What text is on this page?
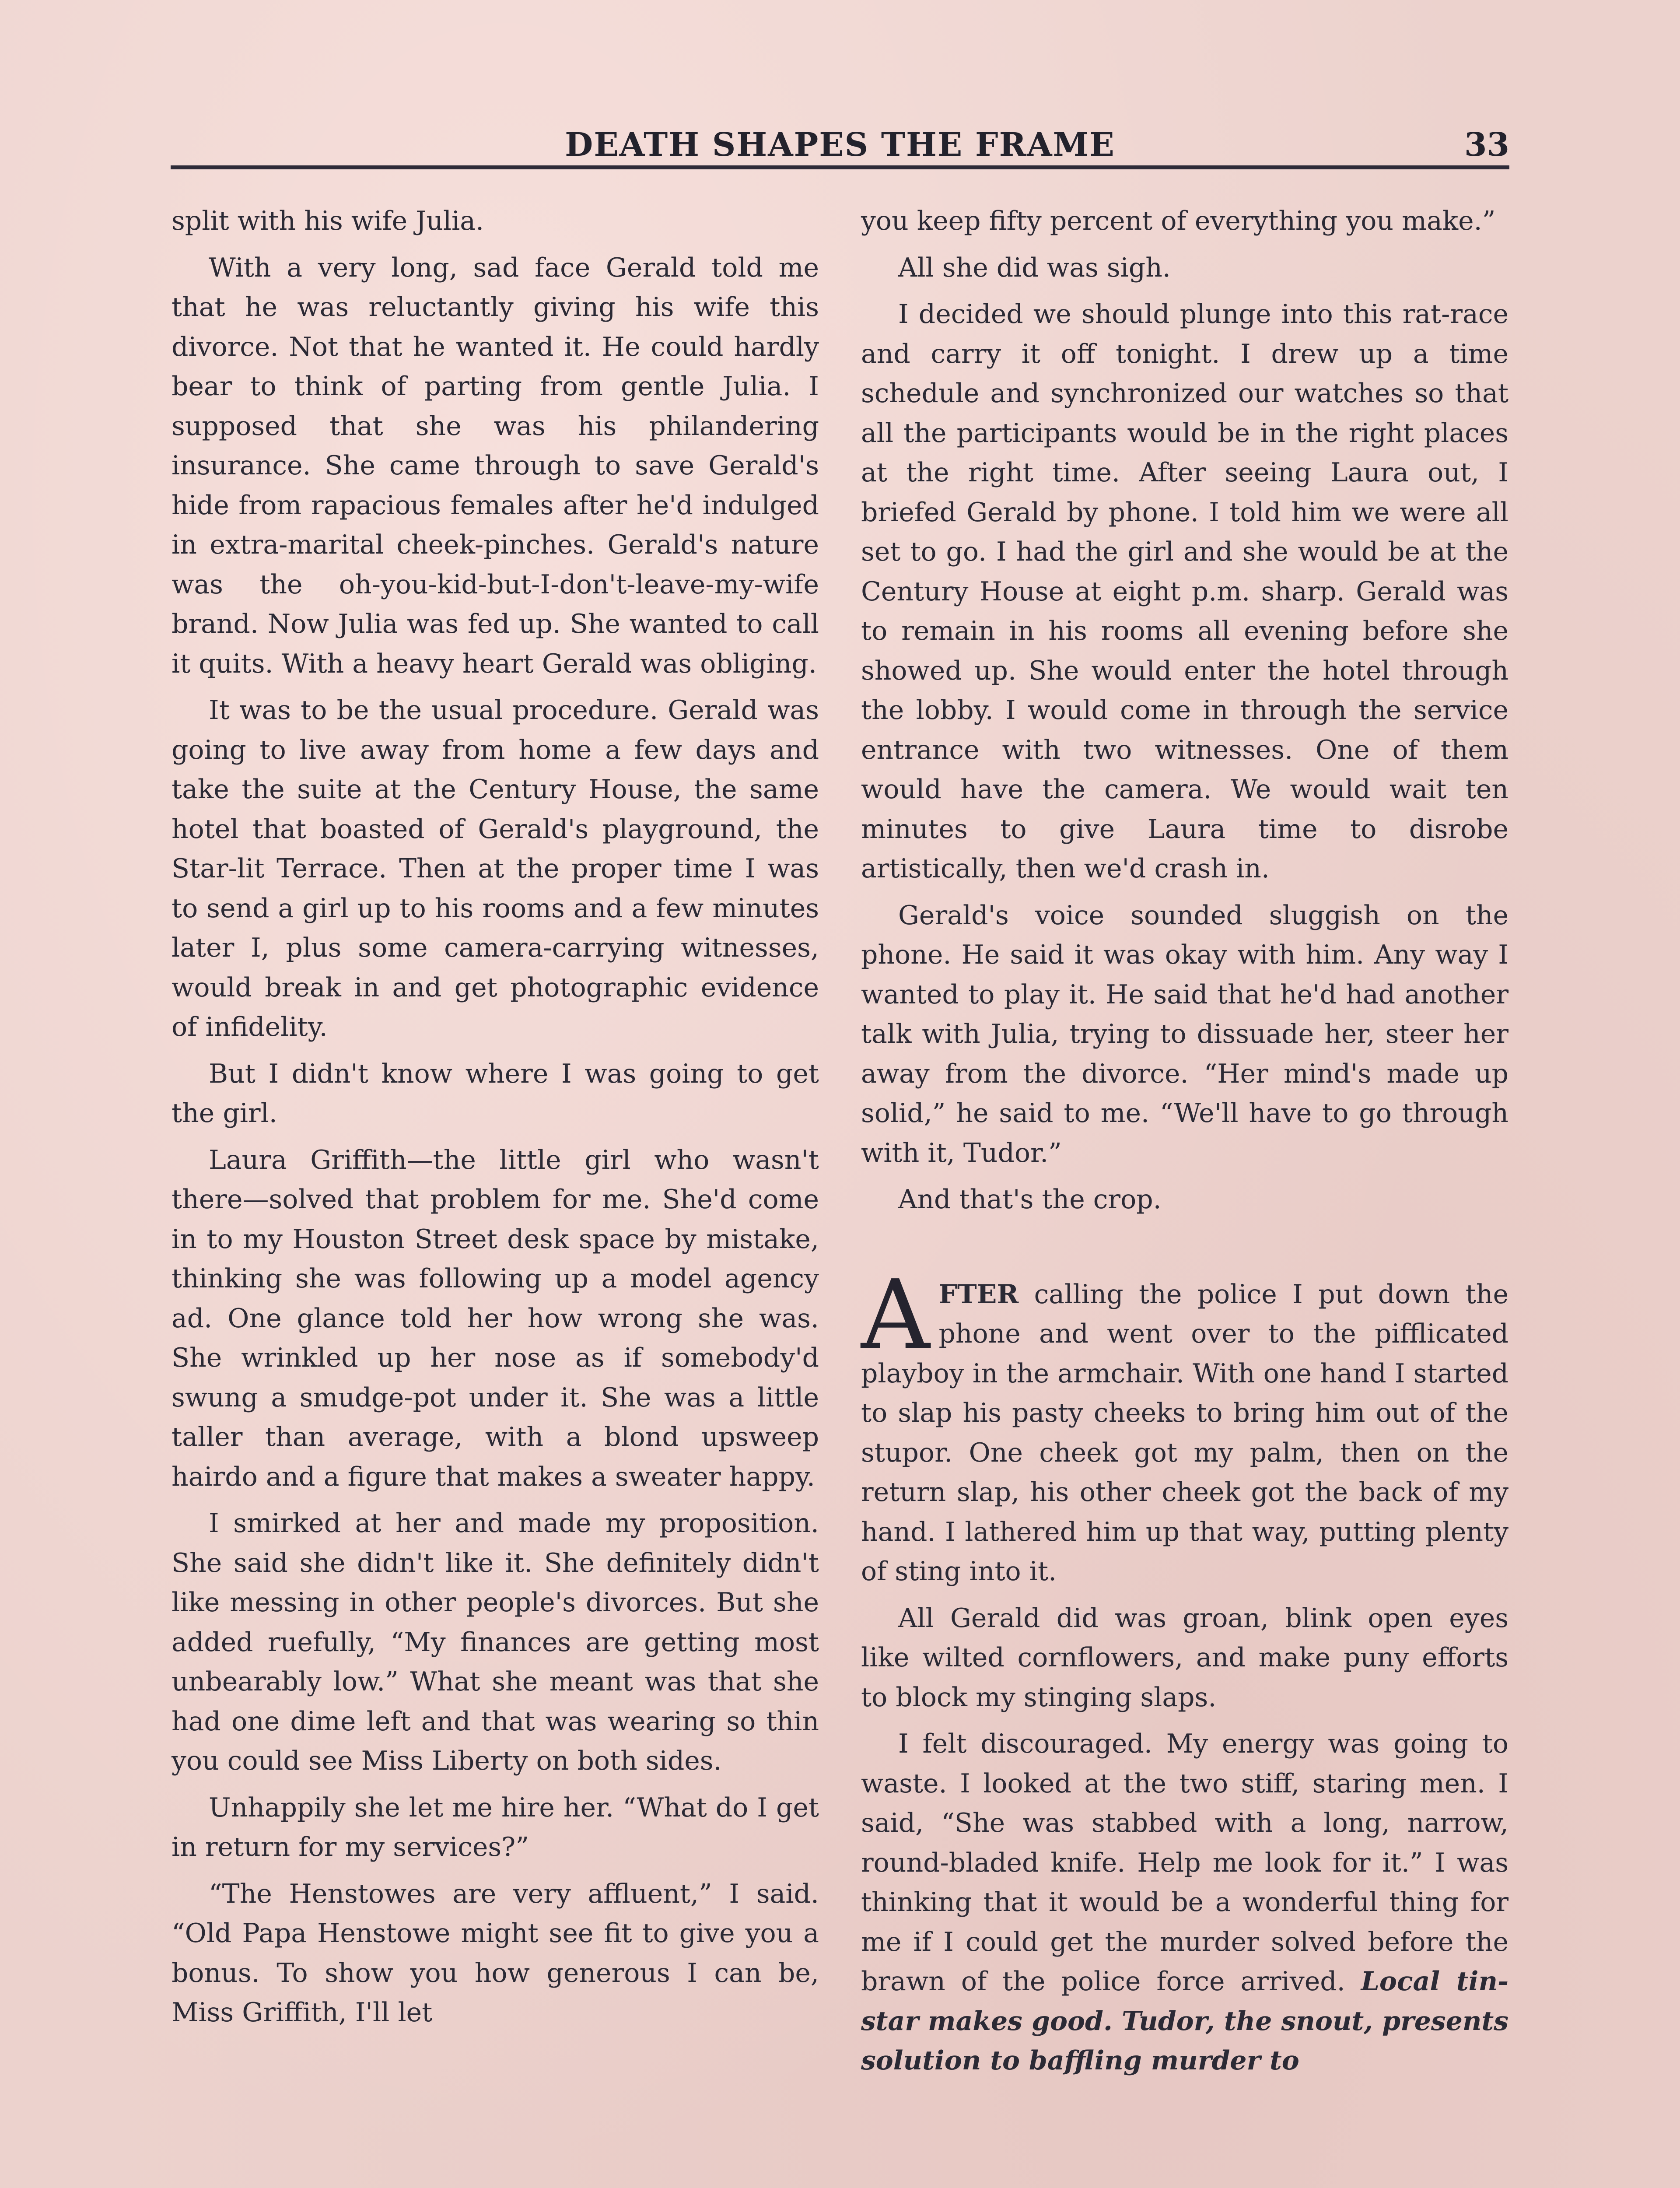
DEATH SHAPES THE FRAME	33

split with his wife Julia.

With a very long, sad face Gerald told me that he was reluctantly giving his wife this divorce. Not that he wanted it. He could hardly bear to think of parting from gentle Julia. I supposed that she was his philandering insurance. She came through to save Gerald's hide from rapacious females after he'd indulged in extra-marital cheek-pinches. Gerald's nature was the oh-you-kid-but-I-don't-leave-my-wife brand. Now Julia was fed up. She wanted to call it quits. With a heavy heart Gerald was obliging.

It was to be the usual procedure. Gerald was going to live away from home a few days and take the suite at the Century House, the same hotel that boasted of Gerald's playground, the Star-lit Terrace. Then at the proper time I was to send a girl up to his rooms and a few minutes later I, plus some camera-carrying witnesses, would break in and get photographic evidence of infidelity.

But I didn't know where I was going to get the girl.

Laura Griffith—the little girl who wasn't there—solved that problem for me. She'd come in to my Houston Street desk space by mistake, thinking she was following up a model agency ad. One glance told her how wrong she was. She wrinkled up her nose as if somebody'd swung a smudge-pot under it. She was a little taller than average, with a blond upsweep hairdo and a figure that makes a sweater happy.

I smirked at her and made my proposition. She said she didn't like it. She definitely didn't like messing in other people's divorces. But she added ruefully, “My finances are getting most unbearably low.” What she meant was that she had one dime left and that was wearing so thin you could see Miss Liberty on both sides.

Unhappily she let me hire her. “What do I get in return for my services?”

“The Henstowes are very affluent,” I said. “Old Papa Henstowe might see fit to give you a bonus. To show you how generous I can be, Miss Griffith, I'll let

you keep fifty percent of everything you make.”

All she did was sigh.

I decided we should plunge into this rat-race and carry it off tonight. I drew up a time schedule and synchronized our watches so that all the participants would be in the right places at the right time. After seeing Laura out, I briefed Gerald by phone. I told him we were all set to go. I had the girl and she would be at the Century House at eight p.m. sharp. Gerald was to remain in his rooms all evening before she showed up. She would enter the hotel through the lobby. I would come in through the service entrance with two witnesses. One of them would have the camera. We would wait ten minutes to give Laura time to disrobe artistically, then we'd crash in.

Gerald's voice sounded sluggish on the phone. He said it was okay with him. Any way I wanted to play it. He said that he'd had another talk with Julia, trying to dissuade her, steer her away from the divorce. “Her mind's made up solid,” he said to me. “We'll have to go through with it, Tudor.”

And that's the crop.

AFTER calling the police I put down the phone and went over to the pifflicated playboy in the armchair. With one hand I started to slap his pasty cheeks to bring him out of the stupor. One cheek got my palm, then on the return slap, his other cheek got the back of my hand. I lathered him up that way, putting plenty of sting into it.

All Gerald did was groan, blink open eyes like wilted cornflowers, and make puny efforts to block my stinging slaps.

I felt discouraged. My energy was going to waste. I looked at the two stiff, staring men. I said, “She was stabbed with a long, narrow, round-bladed knife. Help me look for it.” I was thinking that it would be a wonderful thing for me if I could get the murder solved before the brawn of the police force arrived. Local tin-star makes good. Tudor, the snout, presents solution to baffling murder to
